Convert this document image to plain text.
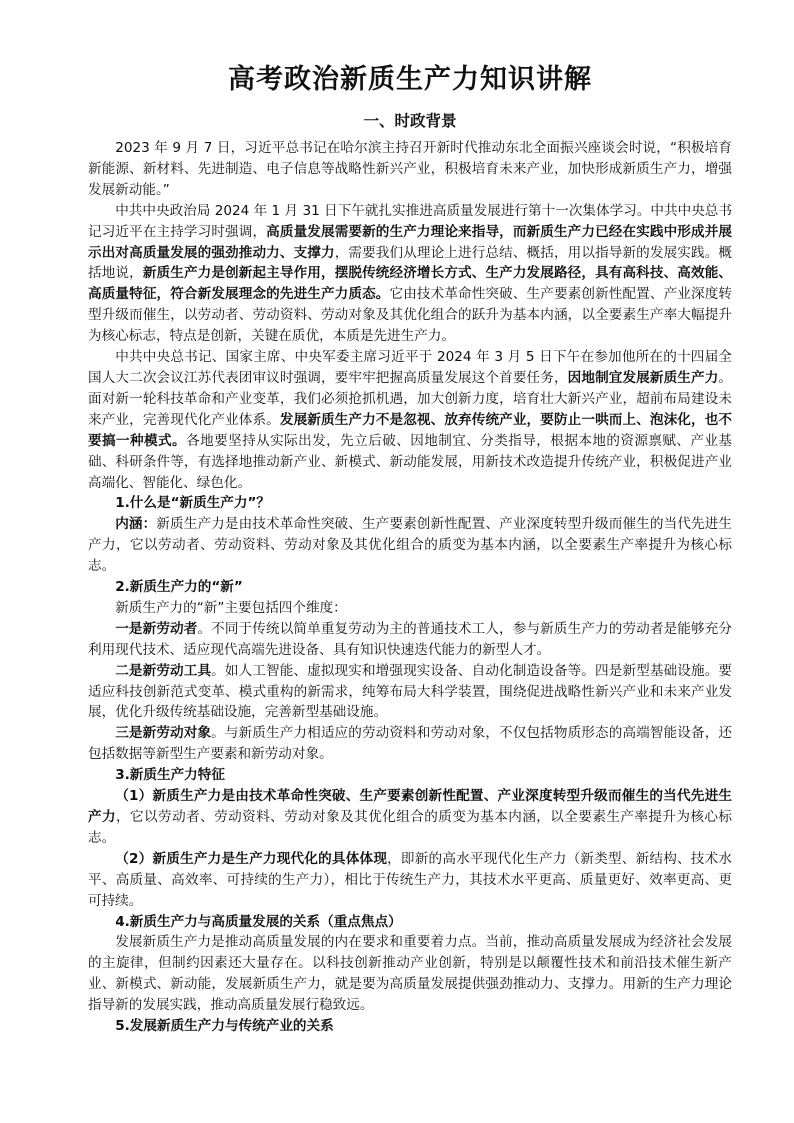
高考政治新质生产力知识讲解
一、时政背景

2023 年 9 月 7 日，习近平总书记在哈尔滨主持召开新时代推动东北全面振兴座谈会时说，“积极培育新能源、新材料、先进制造、电子信息等战略性新兴产业，积极培育未来产业，加快形成新质生产力，增强发展新动能。”

中共中央政治局 2024 年 1 月 31 日下午就扎实推进高质量发展进行第十一次集体学习。中共中央总书记习近平在主持学习时强调，高质量发展需要新的生产力理论来指导，而新质生产力已经在实践中形成并展示出对高质量发展的强劲推动力、支撑力，需要我们从理论上进行总结、概括，用以指导新的发展实践。概括地说，新质生产力是创新起主导作用，摆脱传统经济增长方式、生产力发展路径，具有高科技、高效能、高质量特征，符合新发展理念的先进生产力质态。它由技术革命性突破、生产要素创新性配置、产业深度转型升级而催生，以劳动者、劳动资料、劳动对象及其优化组合的跃升为基本内涵，以全要素生产率大幅提升为核心标志，特点是创新，关键在质优，本质是先进生产力。

中共中央总书记、国家主席、中央军委主席习近平于 2024 年 3 月 5 日下午在参加他所在的十四届全国人大二次会议江苏代表团审议时强调，要牢牢把握高质量发展这个首要任务，因地制宜发展新质生产力。面对新一轮科技革命和产业变革，我们必须抢抓机遇，加大创新力度，培育壮大新兴产业，超前布局建设未来产业，完善现代化产业体系。发展新质生产力不是忽视、放弃传统产业，要防止一哄而上、泡沫化，也不要搞一种模式。各地要坚持从实际出发，先立后破、因地制宜、分类指导，根据本地的资源禀赋、产业基础、科研条件等，有选择地推动新产业、新模式、新动能发展，用新技术改造提升传统产业，积极促进产业高端化、智能化、绿色化。

1.什么是“新质生产力”？

内涵：新质生产力是由技术革命性突破、生产要素创新性配置、产业深度转型升级而催生的当代先进生产力，它以劳动者、劳动资料、劳动对象及其优化组合的质变为基本内涵，以全要素生产率提升为核心标志。

2.新质生产力的“新”

新质生产力的“新”主要包括四个维度：

一是新劳动者。不同于传统以简单重复劳动为主的普通技术工人，参与新质生产力的劳动者是能够充分利用现代技术、适应现代高端先进设备、具有知识快速迭代能力的新型人才。

二是新劳动工具。如人工智能、虚拟现实和增强现实设备、自动化制造设备等。四是新型基础设施。要适应科技创新范式变革、模式重构的新需求，纯筹布局大科学装置，围绕促进战略性新兴产业和未来产业发展，优化升级传统基础设施，完善新型基础设施。

三是新劳动对象。与新质生产力相适应的劳动资料和劳动对象，不仅包括物质形态的高端智能设备，还包括数据等新型生产要素和新劳动对象。

3.新质生产力特征

（1）新质生产力是由技术革命性突破、生产要素创新性配置、产业深度转型升级而催生的当代先进生产力，它以劳动者、劳动资料、劳动对象及其优化组合的质变为基本内涵，以全要素生产率提升为核心标志。

（2）新质生产力是生产力现代化的具体体现，即新的高水平现代化生产力（新类型、新结构、技术水平、高质量、高效率、可持续的生产力），相比于传统生产力，其技术水平更高、质量更好、效率更高、更可持续。

4.新质生产力与高质量发展的关系（重点焦点）

发展新质生产力是推动高质量发展的内在要求和重要着力点。当前，推动高质量发展成为经济社会发展的主旋律，但制约因素还大量存在。以科技创新推动产业创新，特别是以颠覆性技术和前沿技术催生新产业、新模式、新动能，发展新质生产力，就是要为高质量发展提供强劲推动力、支撑力。用新的生产力理论指导新的发展实践，推动高质量发展行稳致远。

5.发展新质生产力与传统产业的关系
